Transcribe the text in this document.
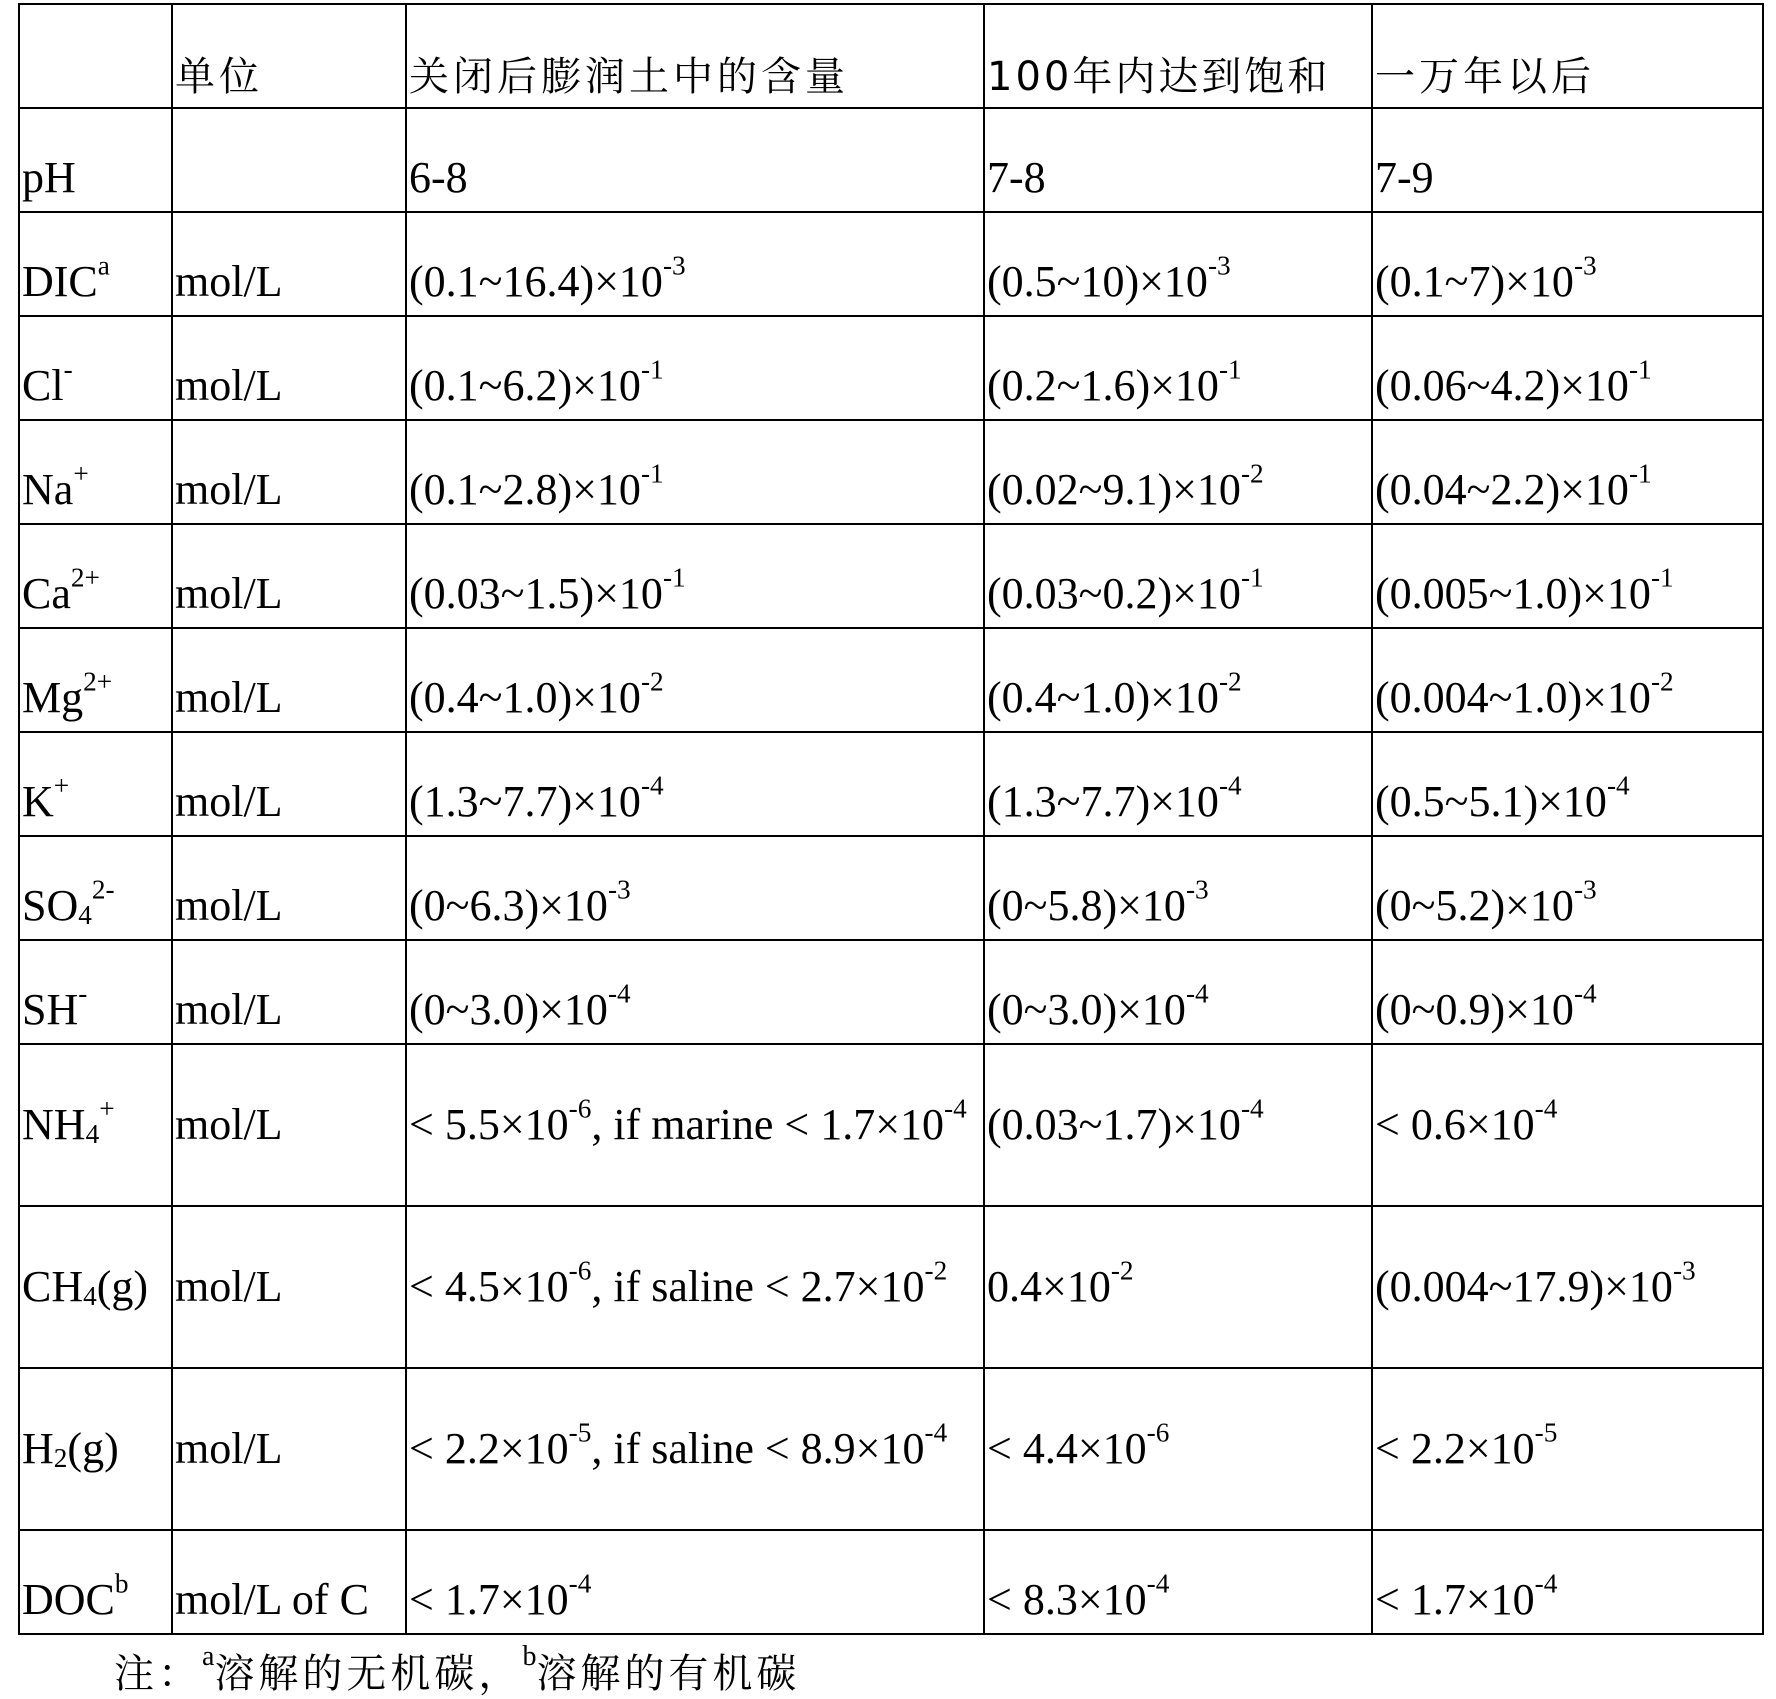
	单位	关闭后膨润土中的含量	100年内达到饱和	一万年以后
pH		6-8	7-8	7-9
DIC$^a$	mol/L	$(0.1\sim 16.4)\times 10^{-3}$	$(0.5\sim 10)\times 10^{-3}$	$(0.1\sim 7)\times 10^{-3}$
Cl-	mol/L	$(0.1\sim 6.2)\times 10^{-1}$	$(0.2\sim 1.6)\times 10^{-1}$	$(0.06\sim 4.2)\times 10^{-1}$
Na+	mol/L	$(0.1\sim 2.8)\times 10^{-1}$	$(0.02\sim 9.1)\times 10^{-2}$	$(0.04\sim 2.2)\times 10^{-1}$
$Ca^{2+}$	mol/L	$(0.03\sim 1.5)\times 10^{-1}$	$(0.03\sim 0.2)\times 10^{-1}$	$(0.005\sim 1.0)\times 10^{-1}$
$Mg^{2+}$	mol/L	$(0.4\sim 1.0)\times 10^{-2}$	$(0.4\sim 1.0)\times 10^{-2}$	$(0.004\sim 1.0)\times 10^{-2}$
K+	mol/L	$(1.3\sim 7.7)\times 10^{-4}$	$(1.3\sim 7.7)\times 10^{-4}$	$(0.5\sim 5.1)\times 10^{-4}$
$SO_4^{2-}$	mol/L	$(0\sim 6.3)\times 10^{-3}$	$(0\sim 5.8)\times 10^{-3}$	$(0\sim 5.2)\times 10^{-3}$
SH-	mol/L	$(0\sim 3.0)\times 10^{-4}$	$(0\sim 3.0)\times 10^{-4}$	$(0\sim 0.9)\times 10^{-4}$
$NH_4^+$	mol/L	< $5.5\times 10^{-6}$, if marine < $1.7\times 10^{-4}$	$(0.03\sim 1.7)\times 10^{-4}$	< $0.6\times 10^{-4}$
$CH_4(g)$	mol/L	< $4.5\times 10^{-6}$, if saline < $2.7\times 10^{-2}$	$0.4\times 10^{-2}$	$(0.004\sim 17.9)\times 10^{-3}$
$H_2(g)$	mol/L	< $2.2\times 10^{-5}$, if saline < $8.9\times 10^{-4}$	< $4.4\times 10^{-6}$	< $2.2\times 10^{-5}$
DOC$^b$	mol/L of C	< $1.7\times 10^{-4}$	< $8.3\times 10^{-4}$	< $1.7\times 10^{-4}$
注：$^a$溶解的无机碳，$^b$溶解的有机碳
